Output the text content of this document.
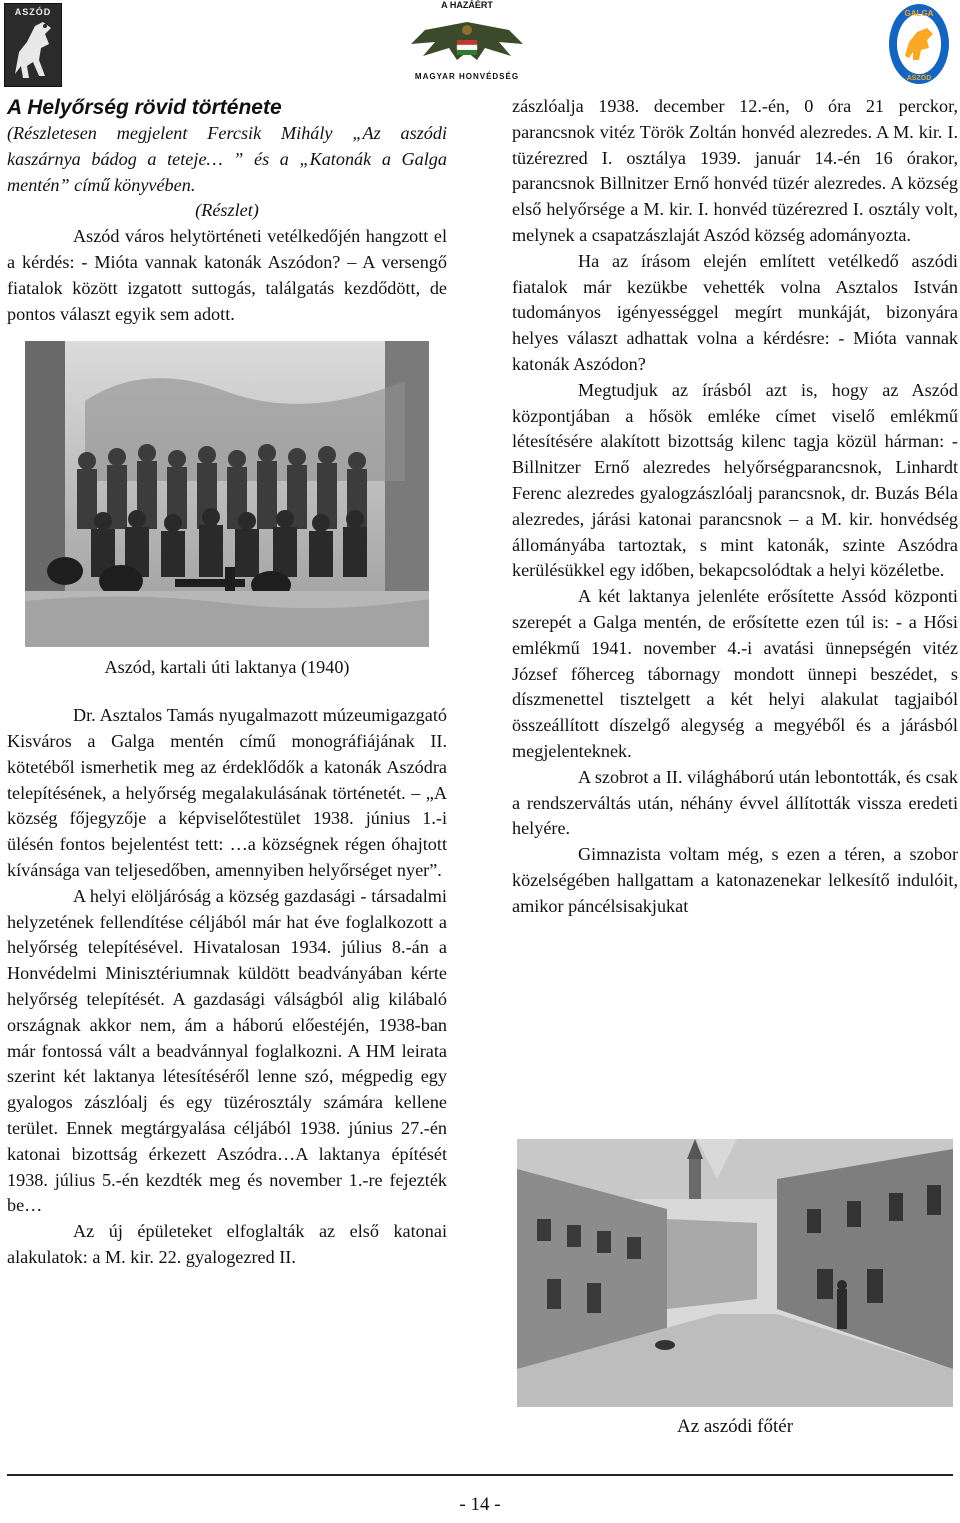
ASZÓD
A HAZÁÉRT
MAGYAR HONVÉDSÉG
GALGA
ASZÓD
A Helyőrség rövid története
(Részletesen megjelent Fercsik Mihály „Az aszódi kaszárnya bádog a teteje… ” és a „Katonák a Galga mentén” című könyvében.
(Részlet)

Aszód város helytörténeti vetélkedőjén hangzott el a kérdés: - Mióta vannak katonák Aszódon? – A versengő fiatalok között izgatott suttogás, találgatás kezdődött, de pontos választ egyik sem adott.

Aszód, kartali úti laktanya (1940)

Dr. Asztalos Tamás nyugalmazott múzeumigazgató Kisváros a Galga mentén című monográfiájának II. kötetéből ismerhetik meg az érdeklődők a katonák Aszódra telepítésének, a helyőrség megalakulásának történetét. – „A község főjegyzője a képviselőtestület 1938. június 1.-i ülésén fontos bejelentést tett: …a községnek régen óhajtott kívánsága van teljesedőben, amennyiben helyőrséget nyer”.

A helyi elöljáróság a község gazdasági - társadalmi helyzetének fellendítése céljából már hat éve foglalkozott a helyőrség telepítésével. Hivatalosan 1934. július 8.-án a Honvédelmi Minisztériumnak küldött beadványában kérte helyőrség telepítését. A gazdasági válságból alig kilábaló országnak akkor nem, ám a háború előestéjén, 1938-ban már fontossá vált a beadvánnyal foglalkozni. A HM leirata szerint két laktanya létesítéséről lenne szó, mégpedig egy gyalogos zászlóalj és egy tüzérosztály számára kellene terület. Ennek megtárgyalása céljából 1938. június 27.-én katonai bizottság érkezett Aszódra…A laktanya építését 1938. július 5.-én kezdték meg és november 1.-re fejezték be…

Az új épületeket elfoglalták az első katonai alakulatok: a M. kir. 22. gyalogezred II.

zászlóalja 1938. december 12.-én, 0 óra 21 perckor, parancsnok vitéz Török Zoltán honvéd alezredes. A M. kir. I. tüzérezred I. osztálya 1939. január 14.-én 16 órakor, parancsnok Billnitzer Ernő honvéd tüzér alezredes. A község első helyőrsége a M. kir. I. honvéd tüzérezred I. osztály volt, melynek a csapatzászlaját Aszód község adományozta.

Ha az írásom elején említett vetélkedő aszódi fiatalok már kezükbe vehették volna Asztalos István tudományos igényességgel megírt munkáját, bizonyára helyes választ adhattak volna a kérdésre: - Mióta vannak katonák Aszódon?

Megtudjuk az írásból azt is, hogy az Aszód központjában a hősök emléke címet viselő emlékmű létesítésére alakított bizottság kilenc tagja közül hárman: -Billnitzer Ernő alezredes helyőrségparancsnok, Linhardt Ferenc alezredes gyalogzászlóalj parancsnok, dr. Buzás Béla alezredes, járási katonai parancsnok – a M. kir. honvédség állományába tartoztak, s mint katonák, szinte Aszódra kerülésükkel egy időben, bekapcsolódtak a helyi közéletbe.

A két laktanya jelenléte erősítette Assód központi szerepét a Galga mentén, de erősítette ezen túl is: - a Hősi emlékmű 1941. november 4.-i avatási ünnepségén vitéz József főherceg tábornagy mondott ünnepi beszédet, s díszmenettel tisztelgett a két helyi alakulat tagjaiból összeállított díszelgő alegység a megyéből és a járásból megjelenteknek.

A szobrot a II. világháború után lebontották, és csak a rendszerváltás után, néhány évvel állították vissza eredeti helyére.

Gimnazista voltam még, s ezen a téren, a szobor közelségében hallgattam a katonazenekar lelkesítő indulóit, amikor páncélsisakjukat

Az aszódi főtér
- 14 -
